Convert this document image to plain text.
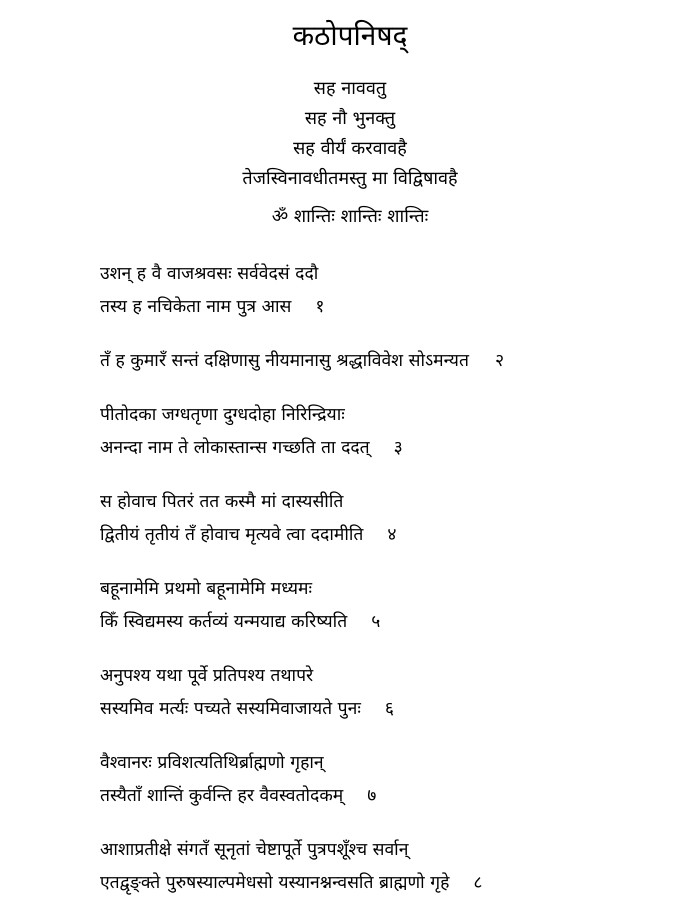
कठोपनिषद्
सह नाववतु
सह नौ भुनक्तु
सह वीर्यं करवावहै
तेजस्विनावधीतमस्तु मा विद्विषावहै
ॐ शान्तिः शान्तिः शान्तिः
उशन् ह वै वाजश्रवसः सर्ववेदसं ददौ
तस्य ह नचिकेता नाम पुत्र आस १
तँ ह कुमारँ सन्तं दक्षिणासु नीयमानासु श्रद्धाविवेश सोऽमन्यत २
पीतोदका जग्धतृणा दुग्धदोहा निरिन्द्रियाः
अनन्दा नाम ते लोकास्तान्स गच्छति ता ददत् ३
स होवाच पितरं तत कस्मै मां दास्यसीति
द्वितीयं तृतीयं तँ होवाच मृत्यवे त्वा ददामीति ४
बहूनामेमि प्रथमो बहूनामेमि मध्यमः
किँ स्विद्यमस्य कर्तव्यं यन्मयाद्य करिष्यति ५
अनुपश्य यथा पूर्वे प्रतिपश्य तथापरे
सस्यमिव मर्त्यः पच्यते सस्यमिवाजायते पुनः ६
वैश्वानरः प्रविशत्यतिथिर्ब्राह्मणो गृहान्
तस्यैताँ शान्तिं कुर्वन्ति हर वैवस्वतोदकम् ७
आशाप्रतीक्षे संगतँ सूनृतां चेष्टापूर्ते पुत्रपशूँश्च सर्वान्
एतद्वृङ्क्ते पुरुषस्याल्पमेधसो यस्यानश्नन्वसति ब्राह्मणो गृहे ८
